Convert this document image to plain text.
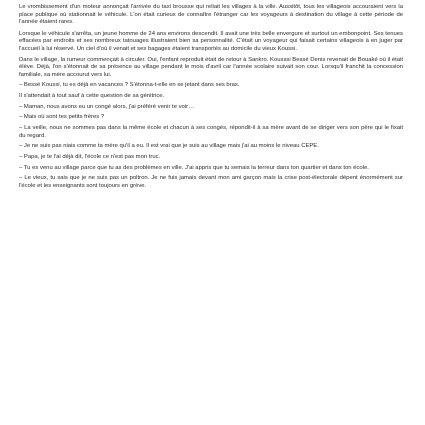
Le vrombissement d'un moteur annonçait l'arrivée du taxi brousse qui reliait les villages à la ville. Aussitôt, tous les villageois accouraient vers la place publique où stationnait le véhicule. L'on était curieux de connaître l'étranger car les voyageurs à destination du village à cette période de l'année étaient rares.

Lorsque le véhicule s'arrêta, un jeune homme de 24 ans environs descendit. Il avait une très belle envergure et surtout un embonpoint. Ses tenues effacées par endroits et ses nombreux tatouages illustraient bien sa personnalité. C'était un voyageur qui faisait certains villageois à en juger par l'accueil à lui réservé. Un ciel d'où il venait et ses bagages étaient transportés au domicile du vieux Koussi.

Dans le village, la rumeur commençait à circuler. Oui, l'enfant reproduit était de retour à Sankro. Kousssi Bessé Denis revenait de Bouaké où il était élève. Déjà, l'on s'étonnait de sa présence au village pendant le mois d'avril car l'année scolaire suivait son cour. Lorsqu'il franchit la concession familiale, sa mère accourut vers lui.

– Bessé Koussi, tu es déjà en vacances ? S'étonna-t-elle en se jetant dans ses bras.

Il s'attendait à tout sauf à cette question de sa génitrice.

– Maman, nous avons eu un congé alors, j'ai préféré venir te voir…

– Mais où sont tes petits frères ?

– La veille, nous ne sommes pas dans la même école et chacun à ses congés, répondit-il à sa mère avant de se diriger vers son père qui le fixait du regard.

– Je ne suis pas niais comme ta mère qu'il a eu. Il est vrai que je suis au village mais j'ai au moins le niveau CEPE.

– Papa, je te l'ai déjà dit, l'école ce n'est pas mon truc.

– Tu es venu au village parce que tu as des problèmes en ville. J'ai appris que tu semais la terreur dans ton quartier et dans ton école.

– Le vieux, tu sais que je ne suis pas un poltron. Je ne fuis jamais devant mon ami garçon mais la crise post-électorale dépent énormément sur l'école et les enseignants sont toujours en grève.
